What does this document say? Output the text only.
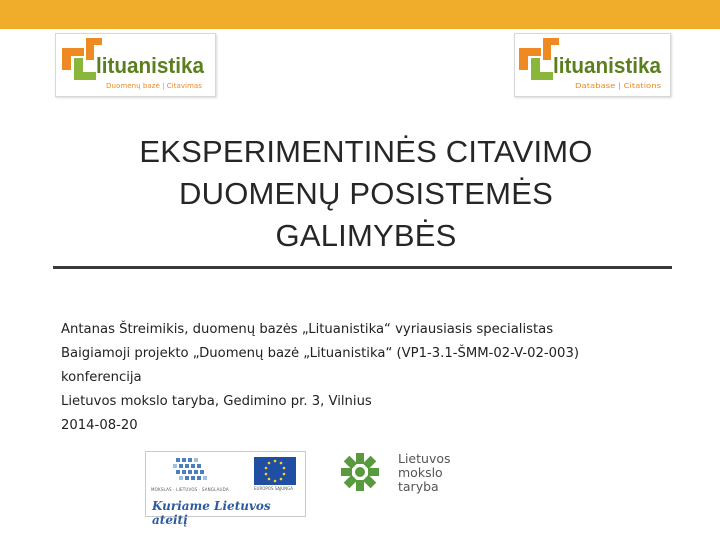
lituanistika
Duomenų bazė | Citavimas
lituanistika
Database | Citations
EKSPERIMENTINĖS CITAVIMO
DUOMENŲ POSISTEMĖS
GALIMYBĖS
Antanas Štreimikis, duomenų bazės „Lituanistika“ vyriausiasis specialistas
Baigiamoji projekto „Duomenų bazė „Lituanistika“ (VP1-3.1-ŠMM-02-V-02-003)
konferencija
Lietuvos mokslo taryba, Gedimino pr. 3, Vilnius
2014-08-20
MOKSLAS · LIETUVOS · SANGLAUDA	EUROPOS SĄJUNGA
Kuriame Lietuvos ateitį
Lietuvos
mokslo
taryba
